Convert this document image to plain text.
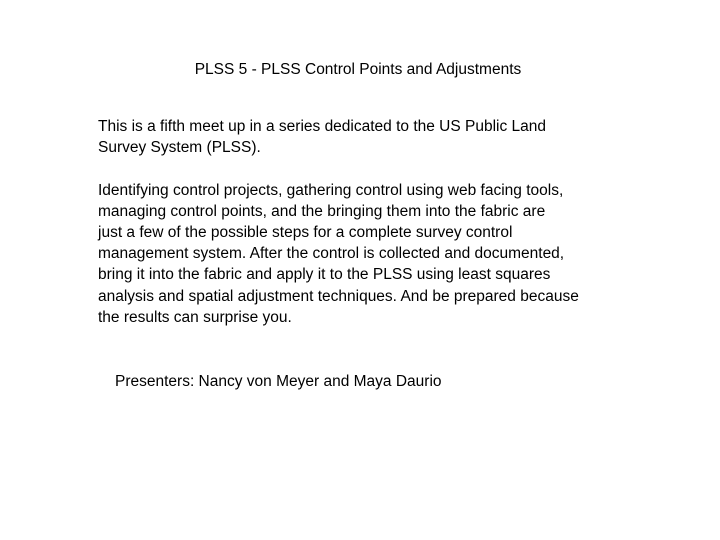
PLSS 5 - PLSS Control Points and Adjustments

This is a fifth meet up in a series dedicated to the US Public Land
Survey System (PLSS).

Identifying control projects, gathering control using web facing tools,
managing control points, and the bringing them into the fabric are
just a few of the possible steps for a complete survey control
management system. After the control is collected and documented,
bring it into the fabric and apply it to the PLSS using least squares
analysis and spatial adjustment techniques. And be prepared because
the results can surprise you.

Presenters: Nancy von Meyer and Maya Daurio
